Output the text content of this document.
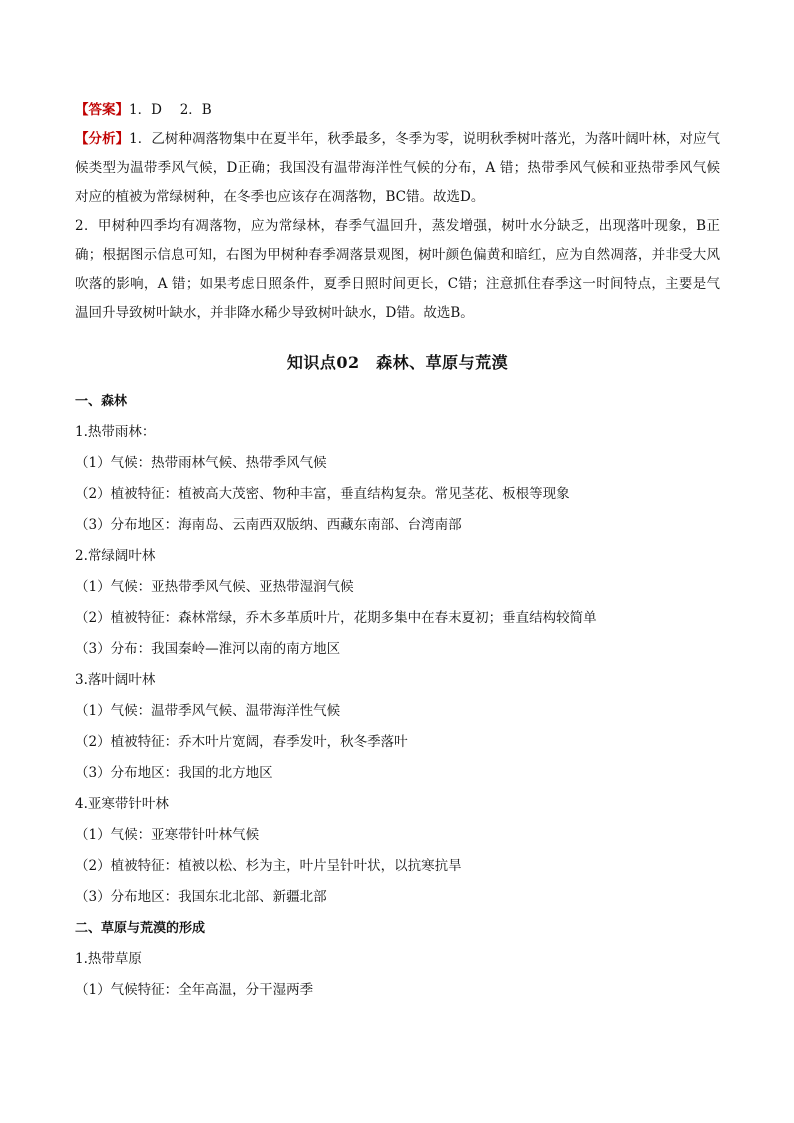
【答案】1．D　 2．B

【分析】1．乙树种凋落物集中在夏半年，秋季最多，冬季为零，说明秋季树叶落光，为落叶阔叶林，对应气候类型为温带季风气候，D正确；我国没有温带海洋性气候的分布，A 错；热带季风气候和亚热带季风气候对应的植被为常绿树种，在冬季也应该存在凋落物，BC错。故选D。

2．甲树种四季均有凋落物，应为常绿林，春季气温回升，蒸发增强，树叶水分缺乏，出现落叶现象，B正确；根据图示信息可知，右图为甲树种春季凋落景观图，树叶颜色偏黄和暗红，应为自然凋落，并非受大风吹落的影响，A 错；如果考虑日照条件，夏季日照时间更长，C错；注意抓住春季这一时间特点，主要是气温回升导致树叶缺水，并非降水稀少导致树叶缺水，D错。故选B。

知识点02　森林、草原与荒漠

一、森林

1.热带雨林：

（1）气候：热带雨林气候、热带季风气候

（2）植被特征：植被高大茂密、物种丰富，垂直结构复杂。常见茎花、板根等现象

（3）分布地区：海南岛、云南西双版纳、西藏东南部、台湾南部

2.常绿阔叶林

（1）气候：亚热带季风气候、亚热带湿润气候

（2）植被特征：森林常绿，乔木多革质叶片，花期多集中在春末夏初；垂直结构较简单

（3）分布：我国秦岭—淮河以南的南方地区

3.落叶阔叶林

（1）气候：温带季风气候、温带海洋性气候

（2）植被特征：乔木叶片宽阔，春季发叶，秋冬季落叶

（3）分布地区：我国的北方地区

4.亚寒带针叶林

（1）气候：亚寒带针叶林气候

（2）植被特征：植被以松、杉为主，叶片呈针叶状，以抗寒抗旱

（3）分布地区：我国东北北部、新疆北部

二、草原与荒漠的形成

1.热带草原

（1）气候特征：全年高温，分干湿两季
